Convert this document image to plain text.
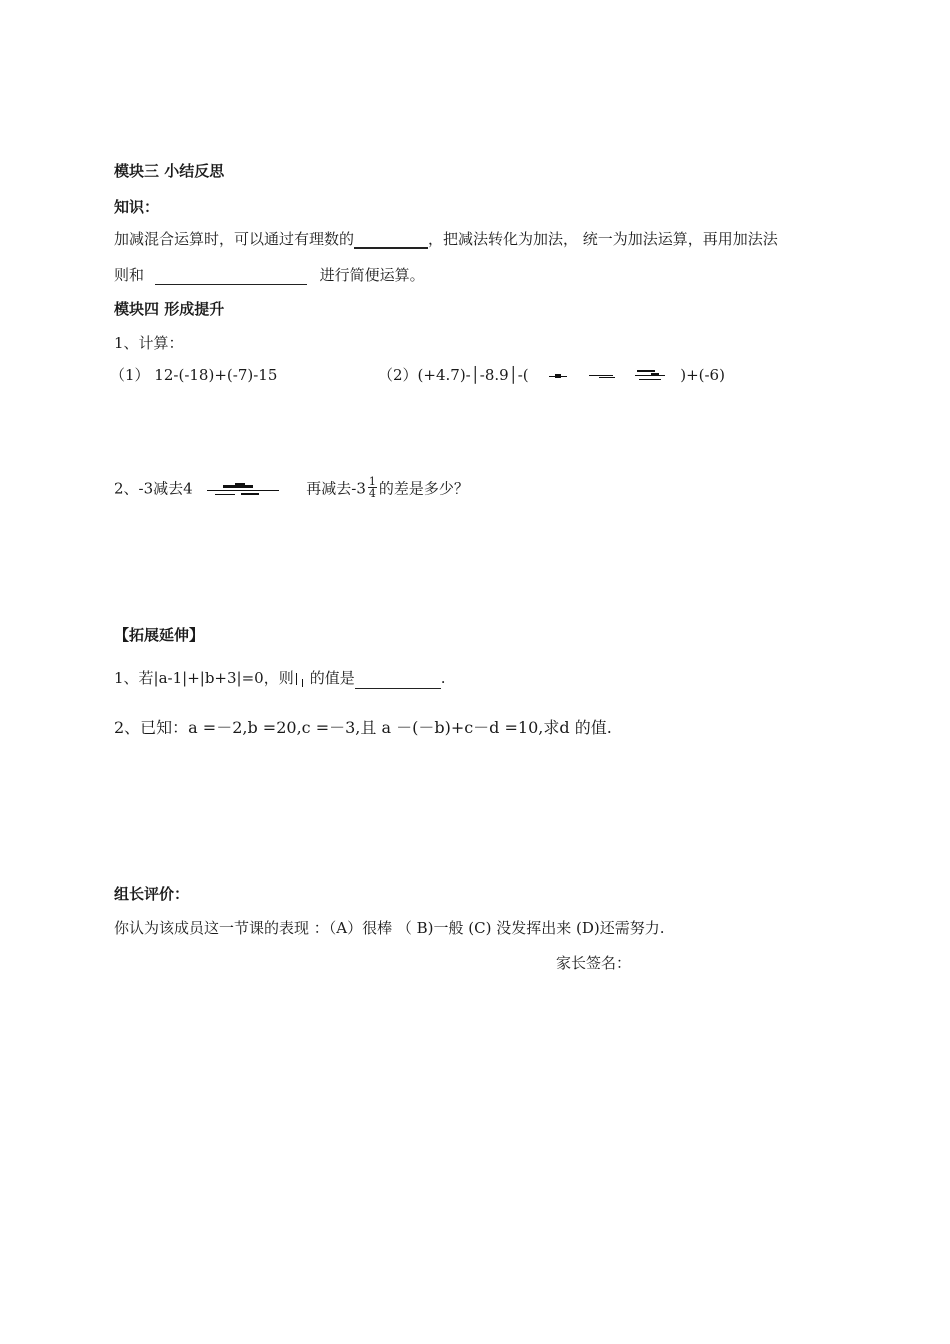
模块三 小结反思
知识：
加减混合运算时，可以通过有理数的	，把减法转化为加法， 统一为加法运算，再用加法法
则和	进行简便运算。
模块四 形成提升
1、计算：
（1） 12-(-18)+(-7)-15	（2）(+4.7)-│-8.9│-(	)+(-6)
2、-3减去4	再减去$-3 \frac{1}{4}$ 的差是多少？
【拓展延伸】
1、若|a-1|+|b+3|=0，则 的值是	.
2、已知：a =－2,b =20,c =－3,且 a －(－b)+c－d =10,求d 的值.
组长评价：
你认为该成员这一节课的表现 ：（A）很棒 （ B)一般 (C) 没发挥出来 (D)还需努力.
家长签名：
